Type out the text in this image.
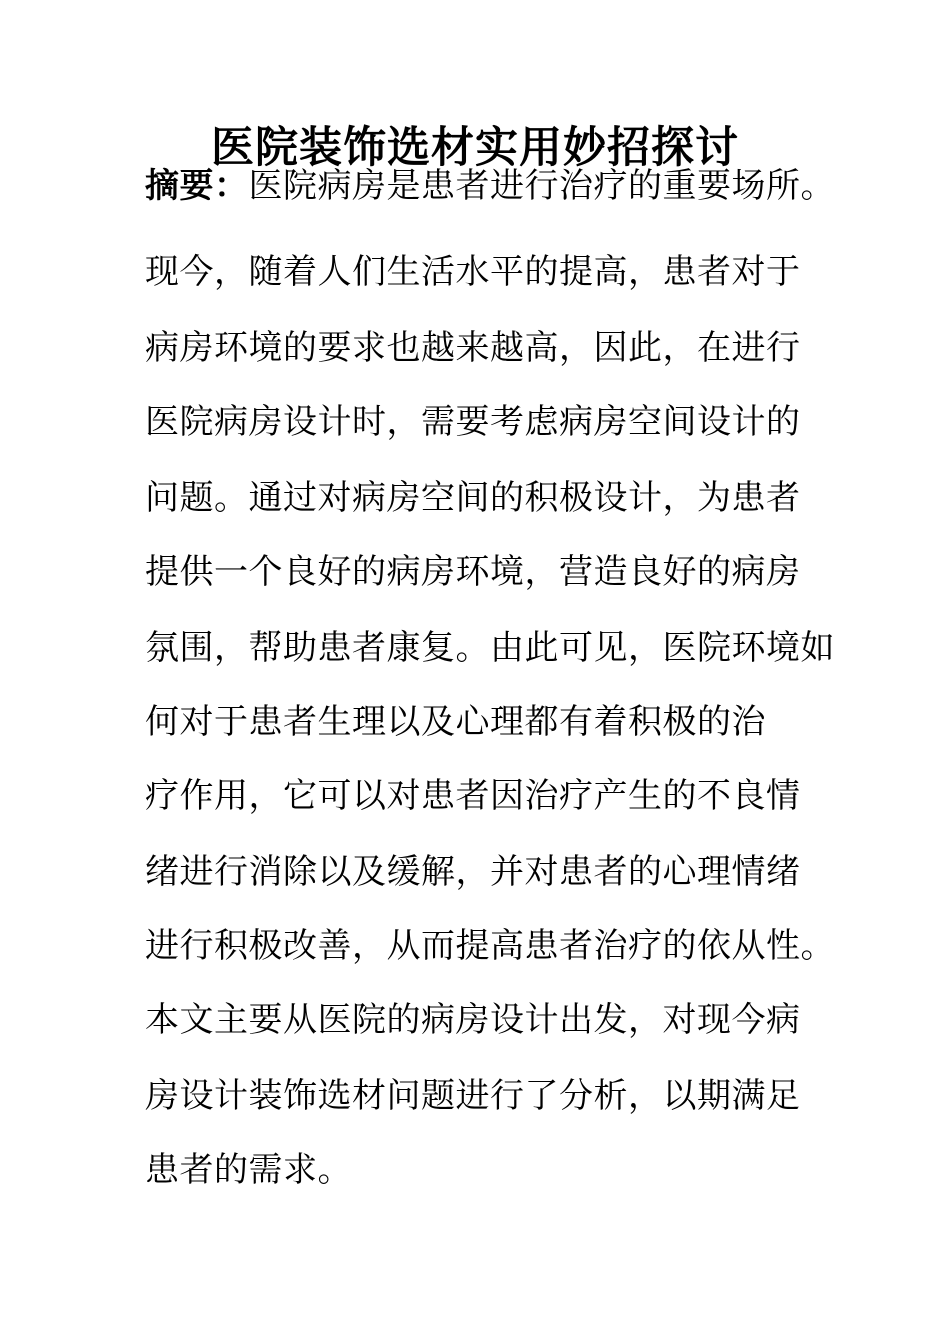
医院装饰选材实用妙招探讨
摘要：医院病房是患者进行治疗的重要场所。
现今，随着人们生活水平的提高，患者对于
病房环境的要求也越来越高，因此，在进行
医院病房设计时，需要考虑病房空间设计的
问题。通过对病房空间的积极设计，为患者
提供一个良好的病房环境，营造良好的病房
氛围，帮助患者康复。由此可见，医院环境如
何对于患者生理以及心理都有着积极的治
疗作用，它可以对患者因治疗产生的不良情
绪进行消除以及缓解，并对患者的心理情绪
进行积极改善，从而提高患者治疗的依从性。
本文主要从医院的病房设计出发，对现今病
房设计装饰选材问题进行了分析，以期满足
患者的需求。
